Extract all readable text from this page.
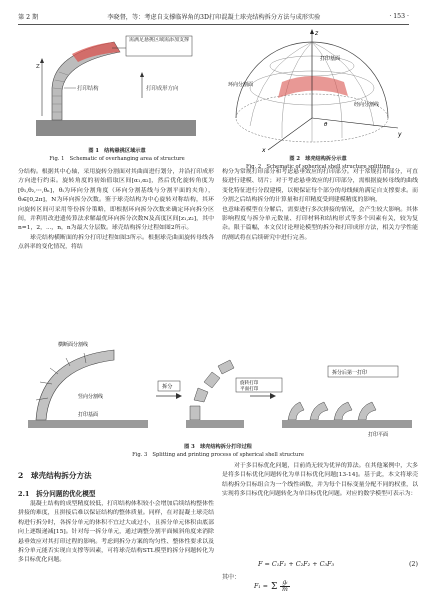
第 2 期	李晓督，等：考虑自支撑临界角的3D打印混凝土球壳结构拆分方法与成形实验	· 153 ·
需满足悬挑区域需添加支撑
打印结构
Z
打印成形方向
图 1　结构悬挑区域示意
Fig. 1　Schematic of overhanging area of structure
z
y
x
θ
打印基面
环向分割面
经向分割线
图 2　球壳结构拆分示意
Fig. 2　Schematic of spherical shell structure splitting

分结构。根据其中心轴，采用旋转分割面对其曲面进行划分，并沿打印成形方向进行约束。旋转角度的初始值取区间[α₁,α₂]，然后优化旋转角度为[θ₁,θ₂,⋯,θₙ]，θᵢ为环向分割角度（环向分割基线与分割平面的夹角），θᵢ∈[0,2π]，N为环向拆分次数。鉴于球壳结构为中心旋转对称结构，其环向旋转区间可采用等份拆分策略，即根据环向拆分次数来确定环向拆分区间，并利用改进遗传算法求解最优环向拆分次数N及高度区间[z₁,z₂]，其中 n=1，2，⋯，n，n为最大分层数。球壳结构拆分过程如图2所示。

球壳结构横断面的拆分打印过程如图3所示。根据球壳曲面旋转母线各点斜率的变化情况，将结

构分为常规打印部分和考虑悬垂效应的打印部分。对于常规打印部分，可直接进行建模、切片；对于考虑悬垂效应的打印部分，需根据旋转母线的曲线变化特征进行分段建模，以便保证每个部分的母线倾角满足自支撑要求。而分割之后结构拆分的计算量和打印精度受到建模精度的影响，

也意味着模型在分解后，需要进行多次拼接的情况，会产生较大影响。其体影响程度与拆分单元数量、打印材料和结构形式等多个因素有关，较为复杂。限于篇幅，本文仅讨论理论模型的拆分和打印成形方法，相关力学性能的测试将在后续研究中进行完善。

横断面分割线
竖向分割线
打印基面
拆分
旋转打印
平面打印
拆分后第一打印
打印平面
图 3　球壳结构拆分打印过程
Fig. 3　Splitting and printing process of spherical shell structure
2　球壳结构拆分方法
2.1　拆分问题的优化模型

混凝土结构的成型精度较低，打印结构体积较小会增加后续结构整体性拼接的难度，且拼接后难以保证结构的整体质量。同样，在对混凝土球壳结构进行拆分时，各拆分单元的体积不宜过大或过小，且拆分单元体积由底部向上逐级递减[15]。针对每一拆分单元，通过调整分割平面倾斜角度来消除悬垂效应对其打印过程的影响。考虑到拆分方案的均匀性、整体性要求以及拆分单元能否实现自支撑等因素，可将球壳结构STL模型的拆分问题转化为多目标优化问题。

对于多目标优化问题，目前尚无较为优异的算法。在其他案例中，大多是将多目标优化问题转化为单目标优化问题[13-14]。基于此，本文将球壳结构拆分目标组合为一个线性函数，并为每个目标变量分配不同的权重，以实现将多目标优化问题转化为单目标优化问题。对应的数学模型可表示为：

F = C₁F₁ + C₂F₂ + C₃F₃	(2)
其中：
F₁ = Σ $\frac{\text{gᵢ}}{m}$
